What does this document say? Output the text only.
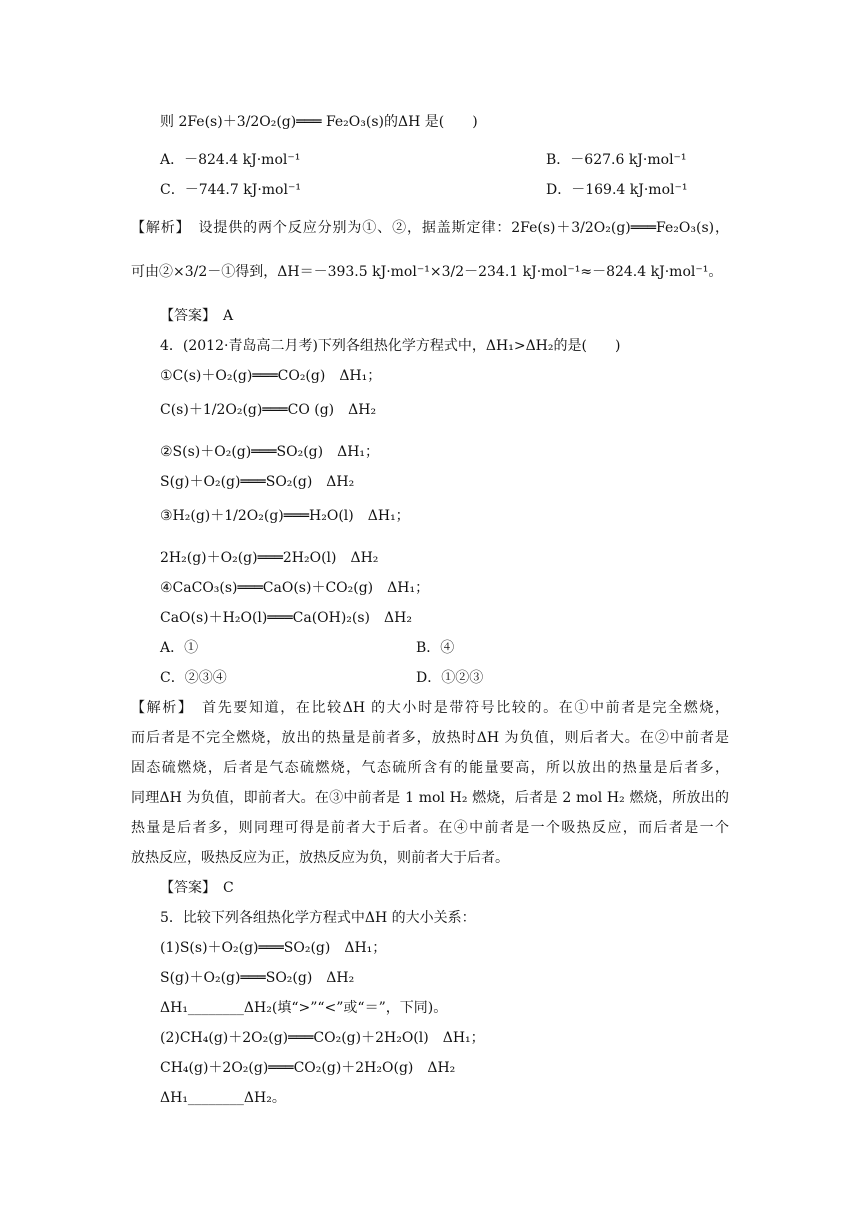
则 2Fe(s)＋3/2O₂(g)═══ Fe₂O₃(s)的ΔH 是(　　)
A．－824.4 kJ·mol⁻¹	B．－627.6 kJ·mol⁻¹
C．－744.7 kJ·mol⁻¹	D．－169.4 kJ·mol⁻¹
【解析】　设提供的两个反应分别为①、②，据盖斯定律：2Fe(s)＋3/2O₂(g)═══Fe₂O₃(s)，
可由②×3/2－①得到，ΔH＝－393.5 kJ·mol⁻¹×3/2－234.1 kJ·mol⁻¹≈－824.4 kJ·mol⁻¹。
【答案】　A
4．(2012·青岛高二月考)下列各组热化学方程式中，ΔH₁>ΔH₂的是(　　)
①C(s)＋O₂(g)═══CO₂(g)　ΔH₁；
C(s)＋1/2O₂(g)═══CO (g)　ΔH₂
②S(s)＋O₂(g)═══SO₂(g)　ΔH₁；
S(g)＋O₂(g)═══SO₂(g)　ΔH₂
③H₂(g)＋1/2O₂(g)═══H₂O(l)　ΔH₁；
2H₂(g)＋O₂(g)═══2H₂O(l)　ΔH₂
④CaCO₃(s)═══CaO(s)＋CO₂(g)　ΔH₁；
CaO(s)＋H₂O(l)═══Ca(OH)₂(s)　ΔH₂
A．①	B．④
C．②③④	D．①②③
【解析】　首先要知道，在比较ΔH 的大小时是带符号比较的。在①中前者是完全燃烧，
而后者是不完全燃烧，放出的热量是前者多，放热时ΔH 为负值，则后者大。在②中前者是
固态硫燃烧，后者是气态硫燃烧，气态硫所含有的能量要高，所以放出的热量是后者多，
同理ΔH 为负值，即前者大。在③中前者是 1 mol H₂ 燃烧，后者是 2 mol H₂ 燃烧，所放出的
热量是后者多，则同理可得是前者大于后者。在④中前者是一个吸热反应，而后者是一个
放热反应，吸热反应为正，放热反应为负，则前者大于后者。
【答案】　C
5．比较下列各组热化学方程式中ΔH 的大小关系：
(1)S(s)＋O₂(g)═══SO₂(g)　ΔH₁；
S(g)＋O₂(g)═══SO₂(g)　ΔH₂
ΔH₁________ΔH₂(填“>”“<”或“＝”，下同)。
(2)CH₄(g)＋2O₂(g)═══CO₂(g)＋2H₂O(l)　ΔH₁；
CH₄(g)＋2O₂(g)═══CO₂(g)＋2H₂O(g)　ΔH₂
ΔH₁________ΔH₂。
